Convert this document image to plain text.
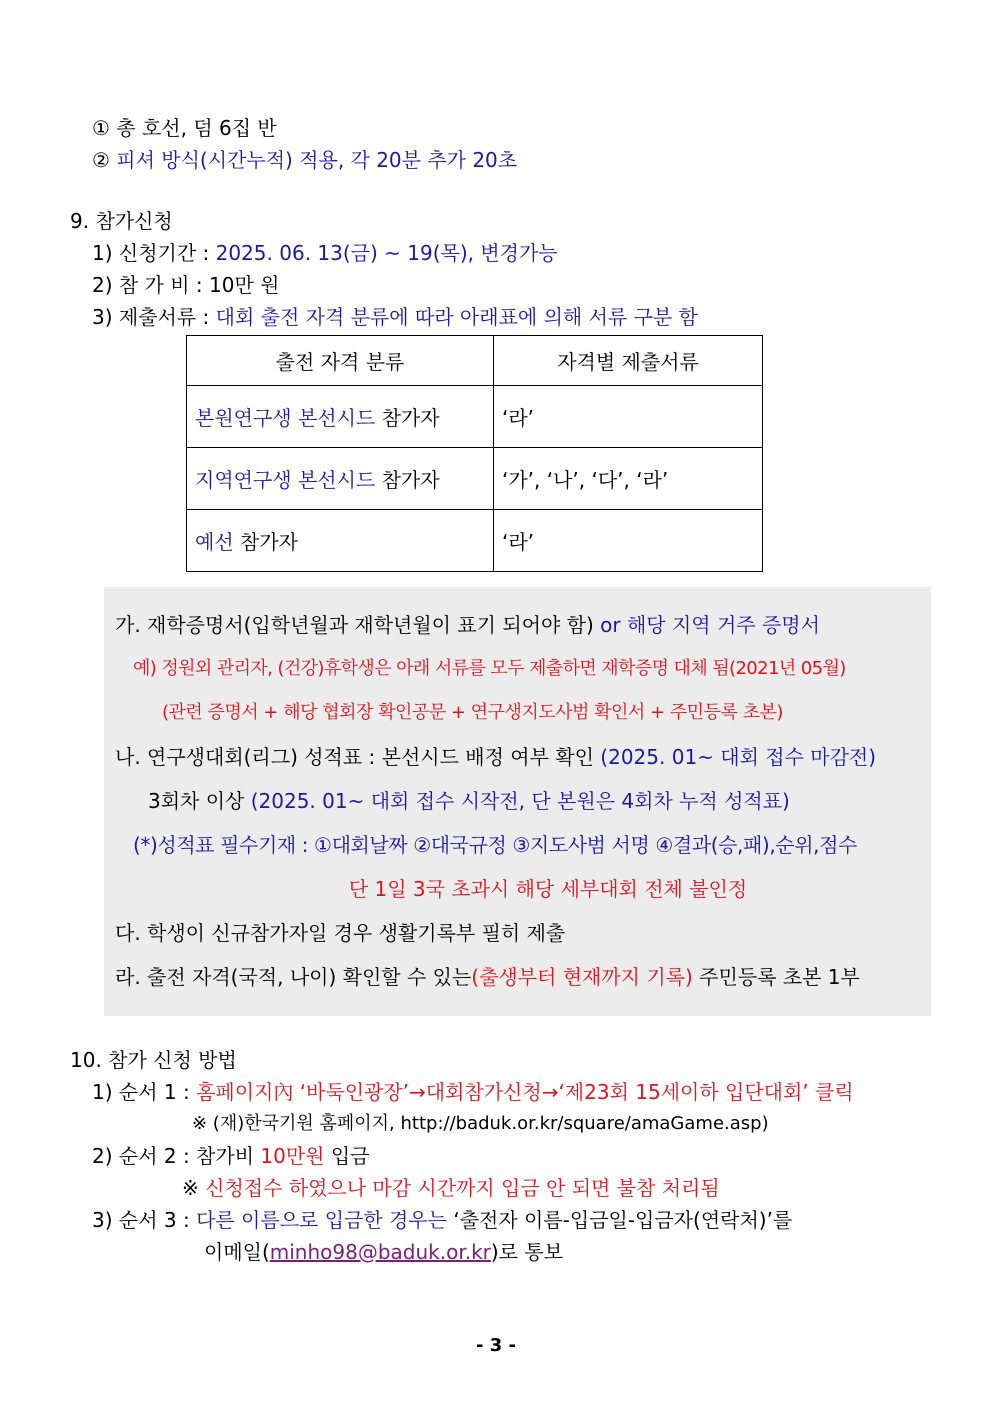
① 총 호선, 덤 6집 반
② 피셔 방식(시간누적) 적용, 각 20분 추가 20초
9. 참가신청
1) 신청기간 : 2025. 06. 13(금) ~ 19(목), 변경가능
2) 참 가 비 : 10만 원
3) 제출서류 : 대회 출전 자격 분류에 따라 아래표에 의해 서류 구분 함
출전 자격 분류	자격별 제출서류
본원연구생 본선시드 참가자	‘라’
지역연구생 본선시드 참가자	‘가’, ‘나’, ‘다’, ‘라’
예선 참가자	‘라’
가. 재학증명서(입학년월과 재학년월이 표기 되어야 함) or 해당 지역 거주 증명서
예) 정원외 관리자, (건강)휴학생은 아래 서류를 모두 제출하면 재학증명 대체 됨(2021년 05월)
(관련 증명서 + 해당 협회장 확인공문 + 연구생지도사범 확인서 + 주민등록 초본)
나. 연구생대회(리그) 성적표 : 본선시드 배정 여부 확인 (2025. 01~ 대회 접수 마감전)
3회차 이상 (2025. 01~ 대회 접수 시작전, 단 본원은 4회차 누적 성적표)
(*)성적표 필수기재 : ①대회날짜 ②대국규정 ③지도사범 서명 ④결과(승,패),순위,점수
단 1일 3국 초과시 해당 세부대회 전체 불인정
다. 학생이 신규참가자일 경우 생활기록부 필히 제출
라. 출전 자격(국적, 나이) 확인할 수 있는(출생부터 현재까지 기록) 주민등록 초본 1부
10. 참가 신청 방법
1) 순서 1 : 홈페이지內 ‘바둑인광장’→대회참가신청→‘제23회 15세이하 입단대회’ 클릭
※ (재)한국기원 홈페이지, http://baduk.or.kr/square/amaGame.asp)
2) 순서 2 : 참가비 10만원 입금
※ 신청접수 하였으나 마감 시간까지 입금 안 되면 불참 처리됨
3) 순서 3 : 다른 이름으로 입금한 경우는 ‘출전자 이름-입금일-입금자(연락처)’를
이메일(minho98@baduk.or.kr)로 통보
- 3 -
